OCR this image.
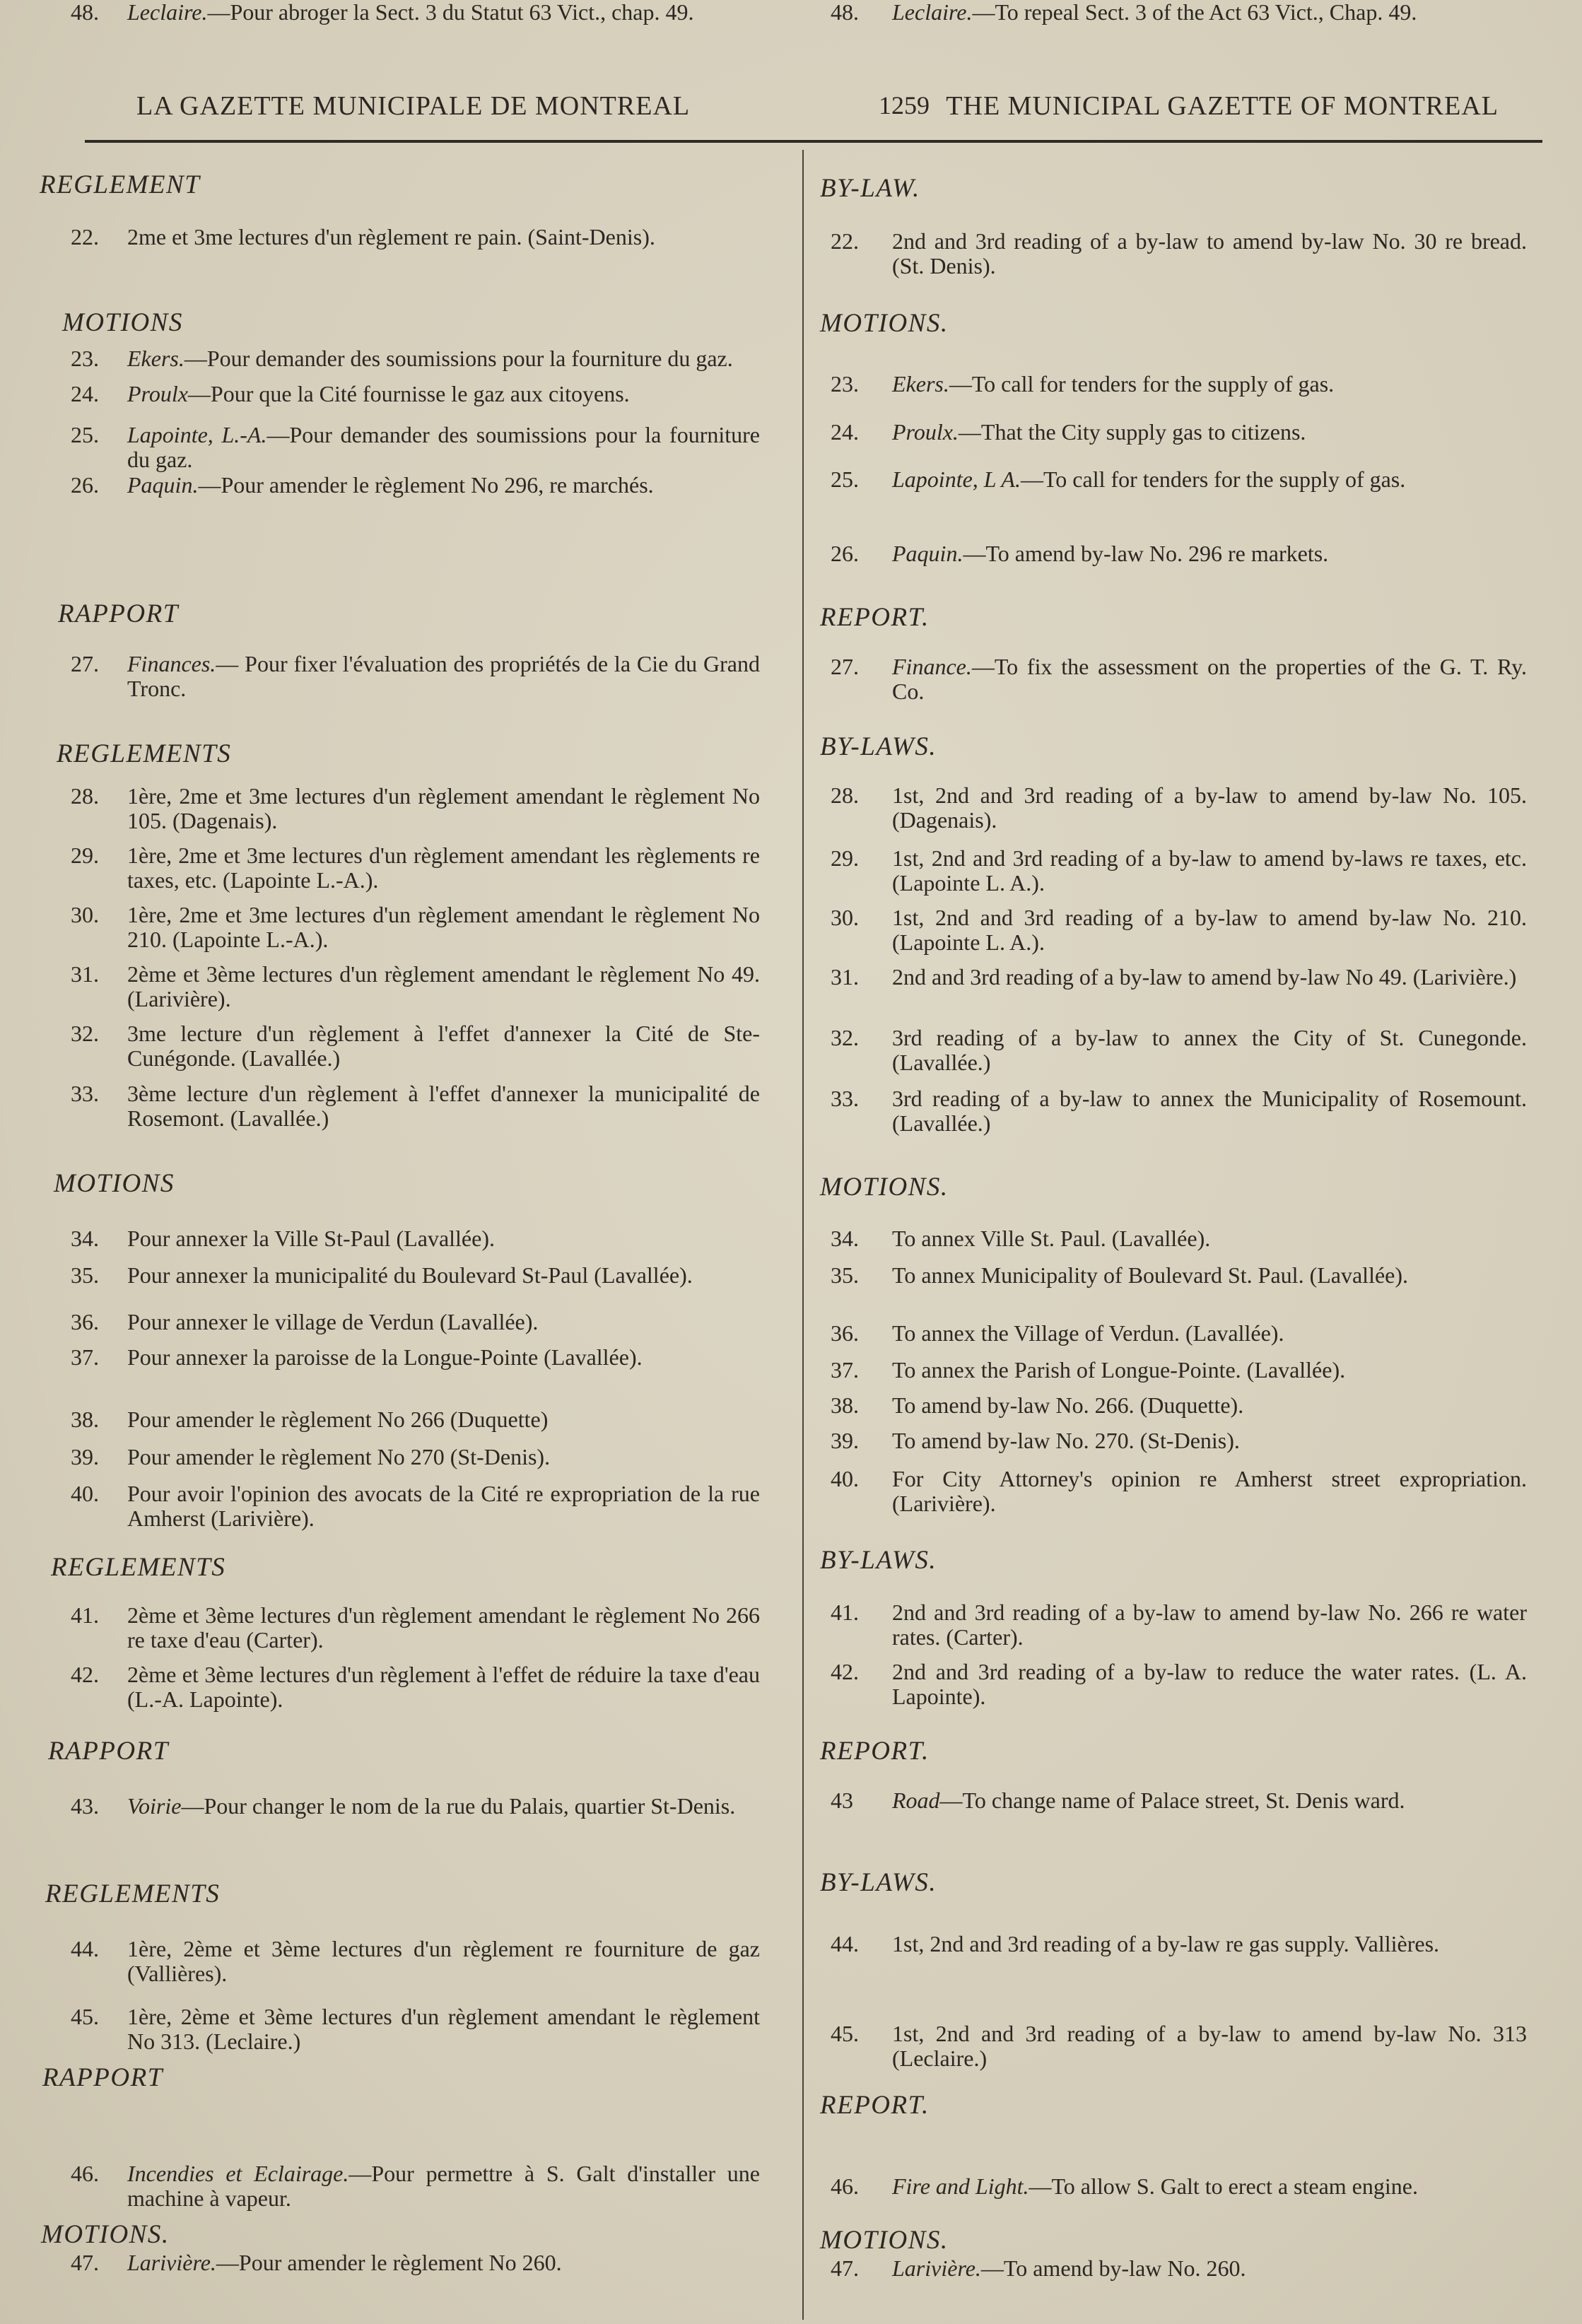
LA GAZETTE MUNICIPALE DE MONTREAL	1259 THE MUNICIPAL GAZETTE OF MONTREAL
REGLEMENT
22. 2me et 3me lectures d'un règlement re pain. (Saint-Denis).
MOTIONS
23. Ekers.—Pour demander des soumissions pour la fourniture du gaz.
24. Proulx—Pour que la Cité fournisse le gaz aux citoyens.
25. Lapointe, L.-A.—Pour demander des soumissions pour la fourniture du gaz.
26. Paquin.—Pour amender le règlement No 296, re marchés.
RAPPORT
27. Finances.— Pour fixer l'évaluation des propriétés de la Cie du Grand Tronc.
REGLEMENTS
28. 1ère, 2me et 3me lectures d'un règlement amendant le règlement No 105. (Dagenais).
29. 1ère, 2me et 3me lectures d'un règlement amendant les règlements re taxes, etc. (Lapointe L.-A.).
30. 1ère, 2me et 3me lectures d'un règlement amendant le règlement No 210. (Lapointe L.-A.).
31. 2ème et 3ème lectures d'un règlement amendant le règlement No 49. (Larivière).
32. 3me lecture d'un règlement à l'effet d'annexer la Cité de Ste-Cunégonde. (Lavallée.)
33. 3ème lecture d'un règlement à l'effet d'annexer la municipalité de Rosemont. (Lavallée.)
MOTIONS
34. Pour annexer la Ville St-Paul (Lavallée).
35. Pour annexer la municipalité du Boulevard St-Paul (Lavallée).
36. Pour annexer le village de Verdun (Lavallée).
37. Pour annexer la paroisse de la Longue-Pointe (Lavallée).
38. Pour amender le règlement No 266 (Duquette)
39. Pour amender le règlement No 270 (St-Denis).
40. Pour avoir l'opinion des avocats de la Cité re expropriation de la rue Amherst (Larivière).
REGLEMENTS
41. 2ème et 3ème lectures d'un règlement amendant le règlement No 266 re taxe d'eau (Carter).
42. 2ème et 3ème lectures d'un règlement à l'effet de réduire la taxe d'eau (L.-A. Lapointe).
RAPPORT
43. Voirie—Pour changer le nom de la rue du Palais, quartier St-Denis.
REGLEMENTS
44. 1ère, 2ème et 3ème lectures d'un règlement re fourniture de gaz (Vallières).
45. 1ère, 2ème et 3ème lectures d'un règlement amendant le règlement No 313. (Leclaire.)
RAPPORT
46. Incendies et Eclairage.—Pour permettre à S. Galt d'installer une machine à vapeur.
MOTIONS.
47. Larivière.—Pour amender le règlement No 260.
48. Leclaire.—Pour abroger la Sect. 3 du Statut 63 Vict., chap. 49.
BY-LAW.
22. 2nd and 3rd reading of a by-law to amend by-law No. 30 re bread. (St. Denis).
MOTIONS.
23. Ekers.—To call for tenders for the supply of gas.
24. Proulx.—That the City supply gas to citizens.
25. Lapointe, L A.—To call for tenders for the supply of gas.
26. Paquin.—To amend by-law No. 296 re markets.
REPORT.
27. Finance.—To fix the assessment on the properties of the G. T. Ry. Co.
BY-LAWS.
28. 1st, 2nd and 3rd reading of a by-law to amend by-law No. 105. (Dagenais).
29. 1st, 2nd and 3rd reading of a by-law to amend by-laws re taxes, etc. (Lapointe L. A.).
30. 1st, 2nd and 3rd reading of a by-law to amend by-law No. 210. (Lapointe L. A.).
31. 2nd and 3rd reading of a by-law to amend by-law No 49. (Larivière.)
32. 3rd reading of a by-law to annex the City of St. Cunegonde. (Lavallée.)
33. 3rd reading of a by-law to annex the Municipality of Rosemount. (Lavallée.)
MOTIONS.
34. To annex Ville St. Paul. (Lavallée).
35. To annex Municipality of Boulevard St. Paul. (Lavallée).
36. To annex the Village of Verdun. (Lavallée).
37. To annex the Parish of Longue-Pointe. (Lavallée).
38. To amend by-law No. 266. (Duquette).
39. To amend by-law No. 270. (St-Denis).
40. For City Attorney's opinion re Amherst street expropriation. (Larivière).
BY-LAWS.
41. 2nd and 3rd reading of a by-law to amend by-law No. 266 re water rates. (Carter).
42. 2nd and 3rd reading of a by-law to reduce the water rates. (L. A. Lapointe).
REPORT.
43 Road—To change name of Palace street, St. Denis ward.
BY-LAWS.
44. 1st, 2nd and 3rd reading of a by-law re gas supply. Vallières.
45. 1st, 2nd and 3rd reading of a by-law to amend by-law No. 313 (Leclaire.)
REPORT.
46. Fire and Light.—To allow S. Galt to erect a steam engine.
MOTIONS.
47. Larivière.—To amend by-law No. 260.
48. Leclaire.—To repeal Sect. 3 of the Act 63 Vict., Chap. 49.
